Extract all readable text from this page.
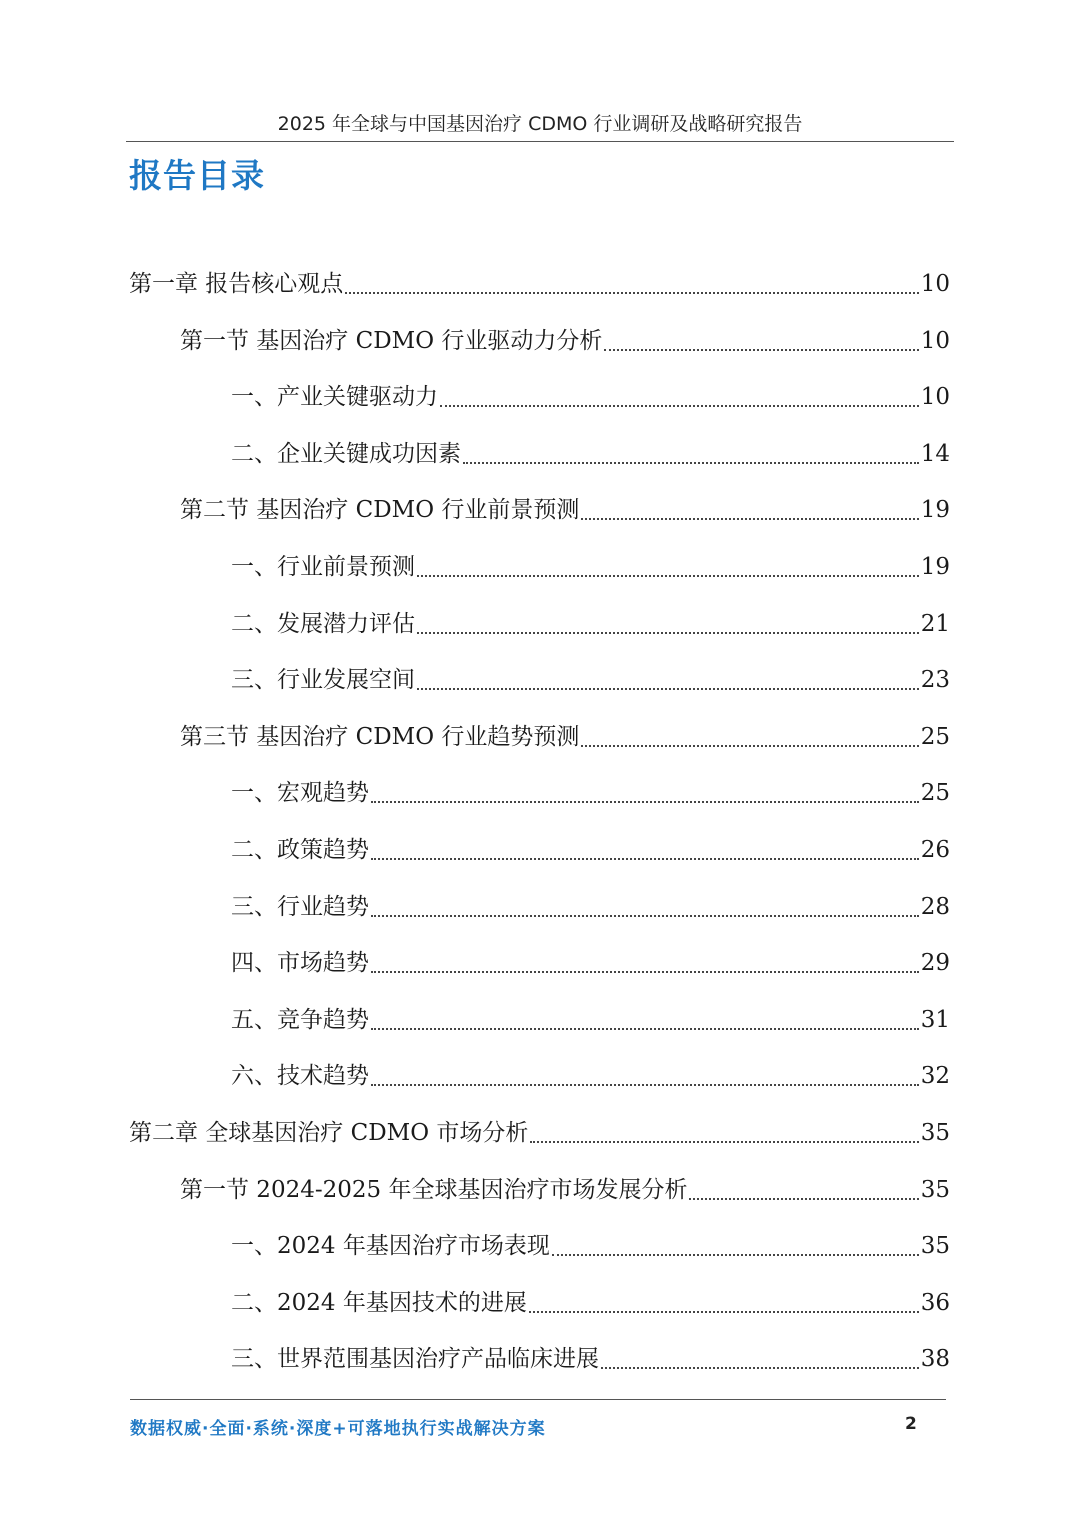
2025 年全球与中国基因治疗 CDMO 行业调研及战略研究报告
报告目录
第一章 报告核心观点	10
第一节 基因治疗 CDMO 行业驱动力分析	10
一、产业关键驱动力	10
二、企业关键成功因素	14
第二节 基因治疗 CDMO 行业前景预测	19
一、行业前景预测	19
二、发展潜力评估	21
三、行业发展空间	23
第三节 基因治疗 CDMO 行业趋势预测	25
一、宏观趋势	25
二、政策趋势	26
三、行业趋势	28
四、市场趋势	29
五、竞争趋势	31
六、技术趋势	32
第二章 全球基因治疗 CDMO 市场分析	35
第一节 2024-2025 年全球基因治疗市场发展分析	35
一、2024 年基因治疗市场表现	35
二、2024 年基因技术的进展	36
三、世界范围基因治疗产品临床进展	38
数据权威·全面·系统·深度+可落地执行实战解决方案	2
